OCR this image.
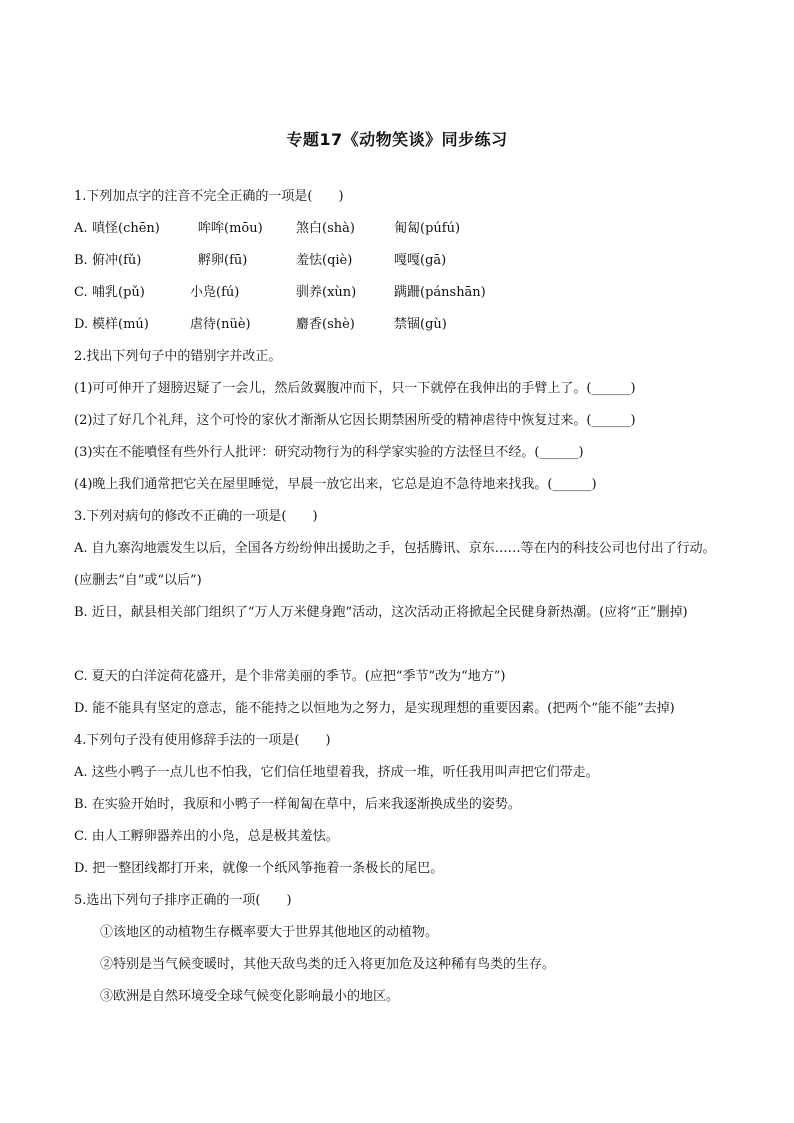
专题17《动物笑谈》同步练习
1.下列加点字的注音不完全正确的一项是(　　)
A. 嗔怪(chēn)	哞哞(mōu)	煞白(shà)	匍匐(púfú)
B. 俯冲(fǔ)	孵卵(fū)	羞怯(qiè)	嘎嘎(gā)
C. 哺乳(pǔ)	小凫(fú)	驯养(xùn)	蹒跚(pánshān)
D. 模样(mú)	虐待(nüè)	麝香(shè)	禁锢(gù)
2.找出下列句子中的错别字并改正。
(1)可可伸开了翅膀迟疑了一会儿，然后敛翼腹冲而下，只一下就停在我伸出的手臂上了。(______)
(2)过了好几个礼拜，这个可怜的家伙才渐渐从它因长期禁困所受的精神虐待中恢复过来。(______)
(3)实在不能噴怪有些外行人批评：研究动物行为的科学家实验的方法怪旦不经。(______)
(4)晚上我们通常把它关在屋里睡觉，早晨一放它出来，它总是迫不急待地来找我。(______)
3.下列对病句的修改不正确的一项是(　　)
A. 自九寨沟地震发生以后，全国各方纷纷伸出援助之手，包括腾讯、京东……等在内的科技公司也付出了行动。(应删去“自”或“以后”)
B. 近日，献县相关部门组织了“万人万米健身跑”活动，这次活动正将掀起全民健身新热潮。(应将“正”删掉)
C. 夏天的白洋淀荷花盛开，是个非常美丽的季节。(应把“季节”改为“地方”)
D. 能不能具有坚定的意志，能不能持之以恒地为之努力，是实现理想的重要因素。(把两个“能不能”去掉)
4.下列句子没有使用修辞手法的一项是(　　)
A. 这些小鸭子一点儿也不怕我，它们信任地望着我，挤成一堆，听任我用叫声把它们带走。
B. 在实验开始时，我原和小鸭子一样匍匐在草中，后来我逐渐换成坐的姿势。
C. 由人工孵卵器养出的小凫，总是极其羞怯。
D. 把一整团线都打开来，就像一个纸风筝拖着一条极长的尾巴。
5.选出下列句子排序正确的一项(　　)
①该地区的动植物生存概率要大于世界其他地区的动植物。
②特别是当气候变暖时，其他天敌鸟类的迁入将更加危及这种稀有鸟类的生存。
③欧洲是自然环境受全球气候变化影响最小的地区。
